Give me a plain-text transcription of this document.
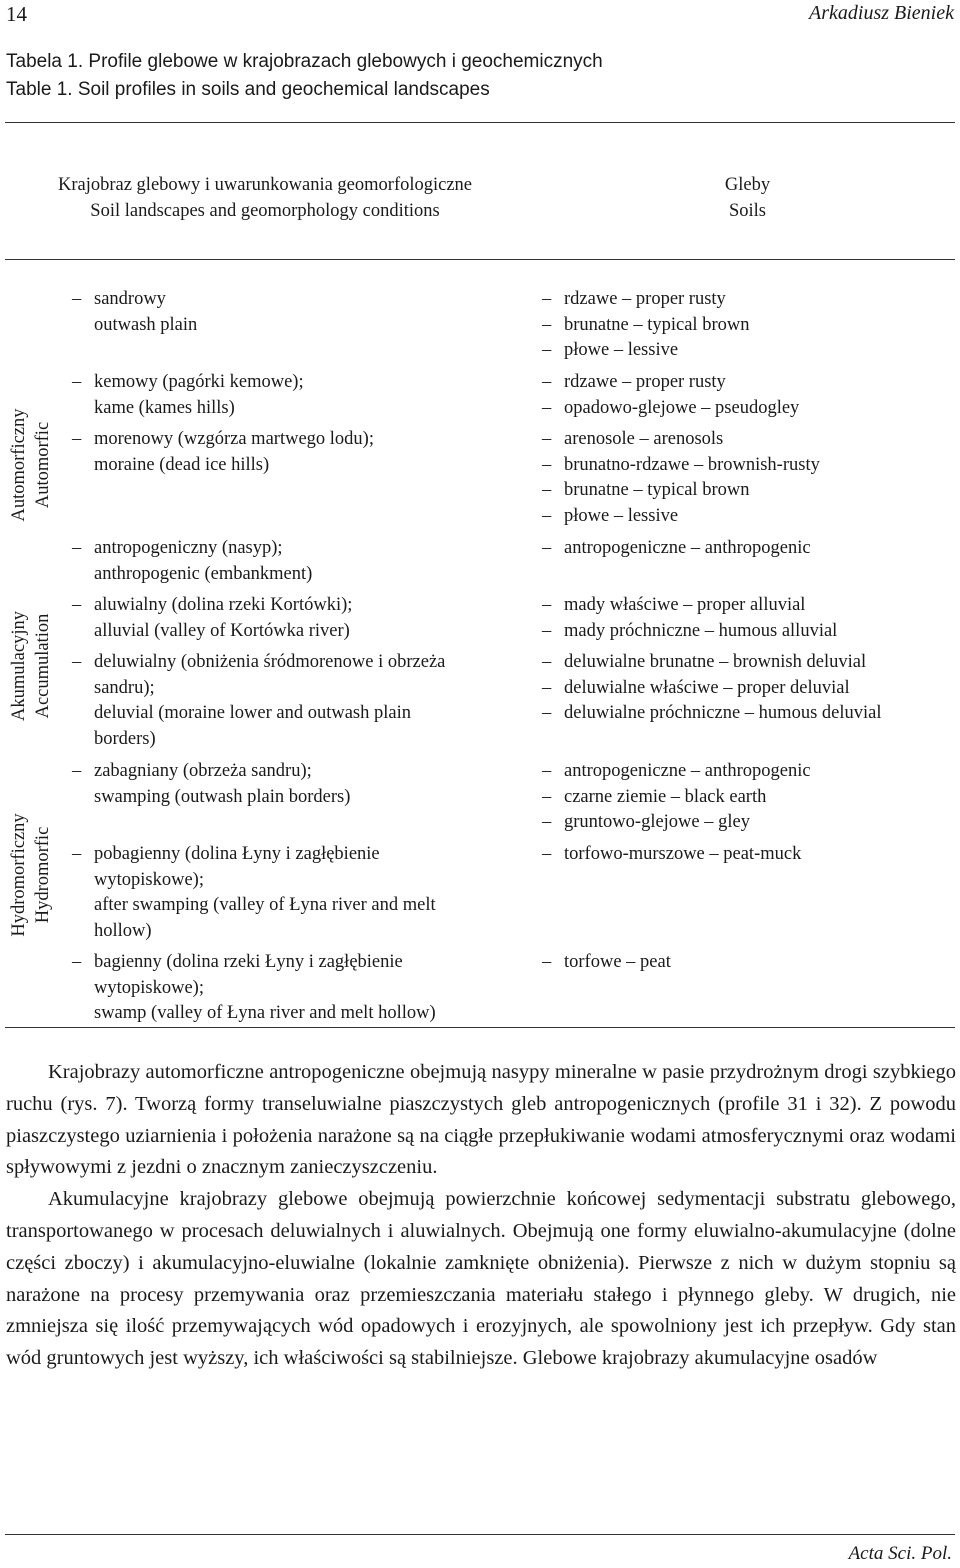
14	Arkadiusz Bieniek
Tabela 1. Profile glebowe w krajobrazach glebowych i geochemicznych
Table 1. Soil profiles in soils and geochemical landscapes
Krajobraz glebowy i uwarunkowania geomorfologiczne
Soil landscapes and geomorphology conditions
Gleby
Soils
Automorficzny Automorfic
Akumulacyjny Accumulation
Hydromorficzny Hydromorfic
– sandrowy
outwash plain
– rdzawe – proper rusty
– brunatne – typical brown
– płowe – lessive
– kemowy (pagórki kemowe);
kame (kames hills)
– rdzawe – proper rusty
– opadowo-glejowe – pseudogley
– morenowy (wzgórza martwego lodu);
moraine (dead ice hills)
– arenosole – arenosols
– brunatno-rdzawe – brownish-rusty
– brunatne – typical brown
– płowe – lessive
– antropogeniczny (nasyp);
anthropogenic (embankment)
– antropogeniczne – anthropogenic
– aluwialny (dolina rzeki Kortówki);
alluvial (valley of Kortówka river)
– mady właściwe – proper alluvial
– mady próchniczne – humous alluvial
– deluwialny (obniżenia śródmorenowe i obrzeża
sandru);
deluvial (moraine lower and outwash plain
borders)
– deluwialne brunatne – brownish deluvial
– deluwialne właściwe – proper deluvial
– deluwialne próchniczne – humous deluvial
– zabagniany (obrzeża sandru);
swamping (outwash plain borders)
– antropogeniczne – anthropogenic
– czarne ziemie – black earth
– gruntowo-glejowe – gley
– pobagienny (dolina Łyny i zagłębienie
wytopiskowe);
after swamping (valley of Łyna river and melt
hollow)
– torfowo-murszowe – peat-muck
– bagienny (dolina rzeki Łyny i zagłębienie
wytopiskowe);
swamp (valley of Łyna river and melt hollow)
– torfowe – peat

Krajobrazy automorficzne antropogeniczne obejmują nasypy mineralne w pasie przydrożnym drogi szybkiego ruchu (rys. 7). Tworzą formy transeluwialne piaszczystych gleb antropogenicznych (profile 31 i 32). Z powodu piaszczystego uziarnienia i położenia narażone są na ciągłe przepłukiwanie wodami atmosferycznymi oraz wodami spływowymi z jezdni o znacznym zanieczyszczeniu.

Akumulacyjne krajobrazy glebowe obejmują powierzchnie końcowej sedymentacji substratu glebowego, transportowanego w procesach deluwialnych i aluwialnych. Obejmują one formy eluwialno-akumulacyjne (dolne części zboczy) i akumulacyjno-eluwialne (lokalnie zamknięte obniżenia). Pierwsze z nich w dużym stopniu są narażone na procesy przemywania oraz przemieszczania materiału stałego i płynnego gleby. W drugich, nie zmniejsza się ilość przemywających wód opadowych i erozyjnych, ale spowolniony jest ich przepływ. Gdy stan wód gruntowych jest wyższy, ich właściwości są stabilniejsze. Glebowe krajobrazy akumulacyjne osadów

Acta Sci. Pol.
